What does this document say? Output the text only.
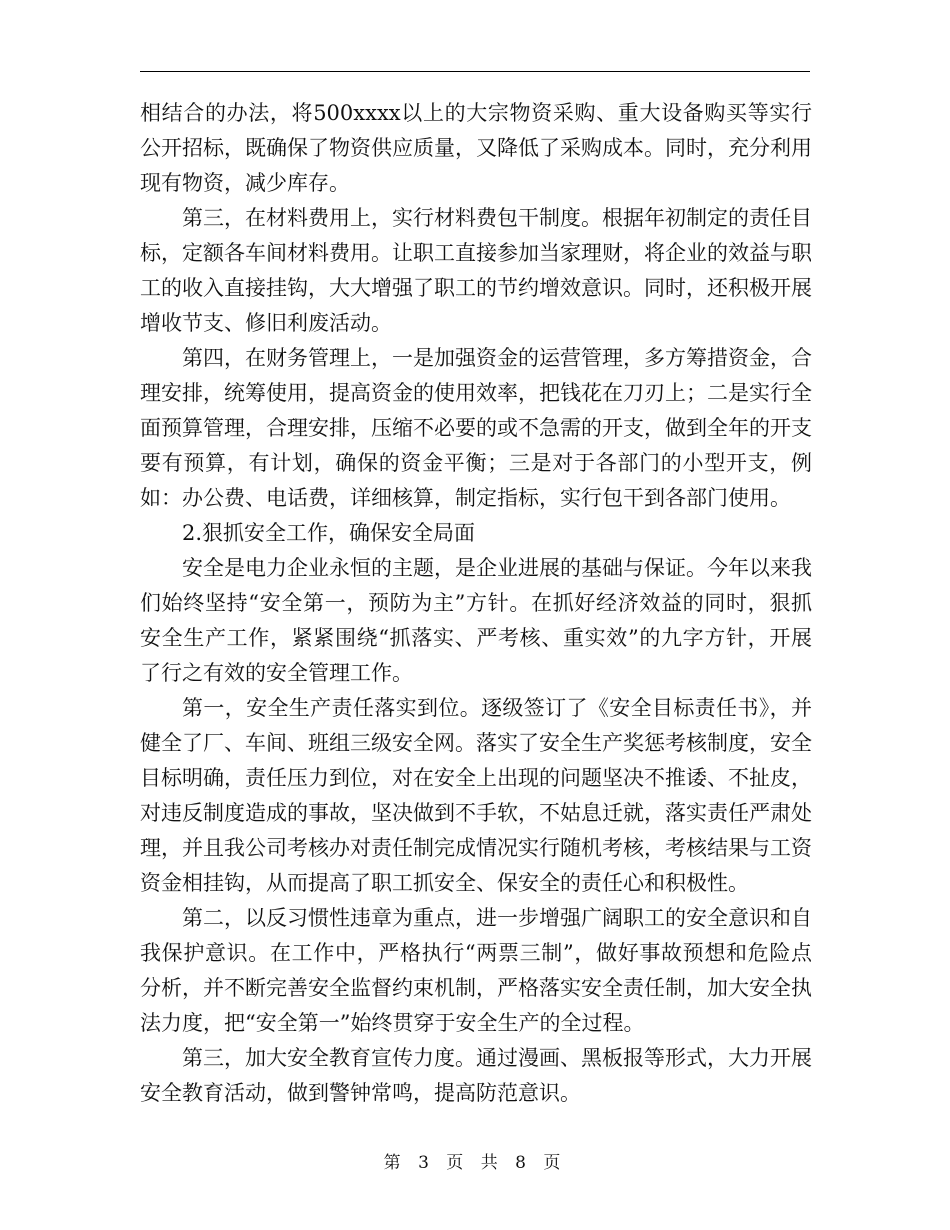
相结合的办法，将500xxxx以上的大宗物资采购、重大设备购买等实行公开招标，既确保了物资供应质量，又降低了采购成本。同时，充分利用现有物资，减少库存。

第三，在材料费用上，实行材料费包干制度。根据年初制定的责任目标，定额各车间材料费用。让职工直接参加当家理财，将企业的效益与职工的收入直接挂钩，大大增强了职工的节约增效意识。同时，还积极开展增收节支、修旧利废活动。

第四，在财务管理上，一是加强资金的运营管理，多方筹措资金，合理安排，统筹使用，提高资金的使用效率，把钱花在刀刃上；二是实行全面预算管理，合理安排，压缩不必要的或不急需的开支，做到全年的开支要有预算，有计划，确保的资金平衡；三是对于各部门的小型开支，例如：办公费、电话费，详细核算，制定指标，实行包干到各部门使用。

2.狠抓安全工作，确保安全局面

安全是电力企业永恒的主题，是企业进展的基础与保证。今年以来我们始终坚持“安全第一，预防为主”方针。在抓好经济效益的同时，狠抓安全生产工作，紧紧围绕“抓落实、严考核、重实效”的九字方针，开展了行之有效的安全管理工作。

第一，安全生产责任落实到位。逐级签订了《安全目标责任书》，并健全了厂、车间、班组三级安全网。落实了安全生产奖惩考核制度，安全目标明确，责任压力到位，对在安全上出现的问题坚决不推诿、不扯皮，对违反制度造成的事故，坚决做到不手软，不姑息迁就，落实责任严肃处理，并且我公司考核办对责任制完成情况实行随机考核，考核结果与工资资金相挂钩，从而提高了职工抓安全、保安全的责任心和积极性。

第二，以反习惯性违章为重点，进一步增强广阔职工的安全意识和自我保护意识。在工作中，严格执行“两票三制”，做好事故预想和危险点分析，并不断完善安全监督约束机制，严格落实安全责任制，加大安全执法力度，把“安全第一”始终贯穿于安全生产的全过程。

第三，加大安全教育宣传力度。通过漫画、黑板报等形式，大力开展安全教育活动，做到警钟常鸣，提高防范意识。

第 3 页 共 8 页
